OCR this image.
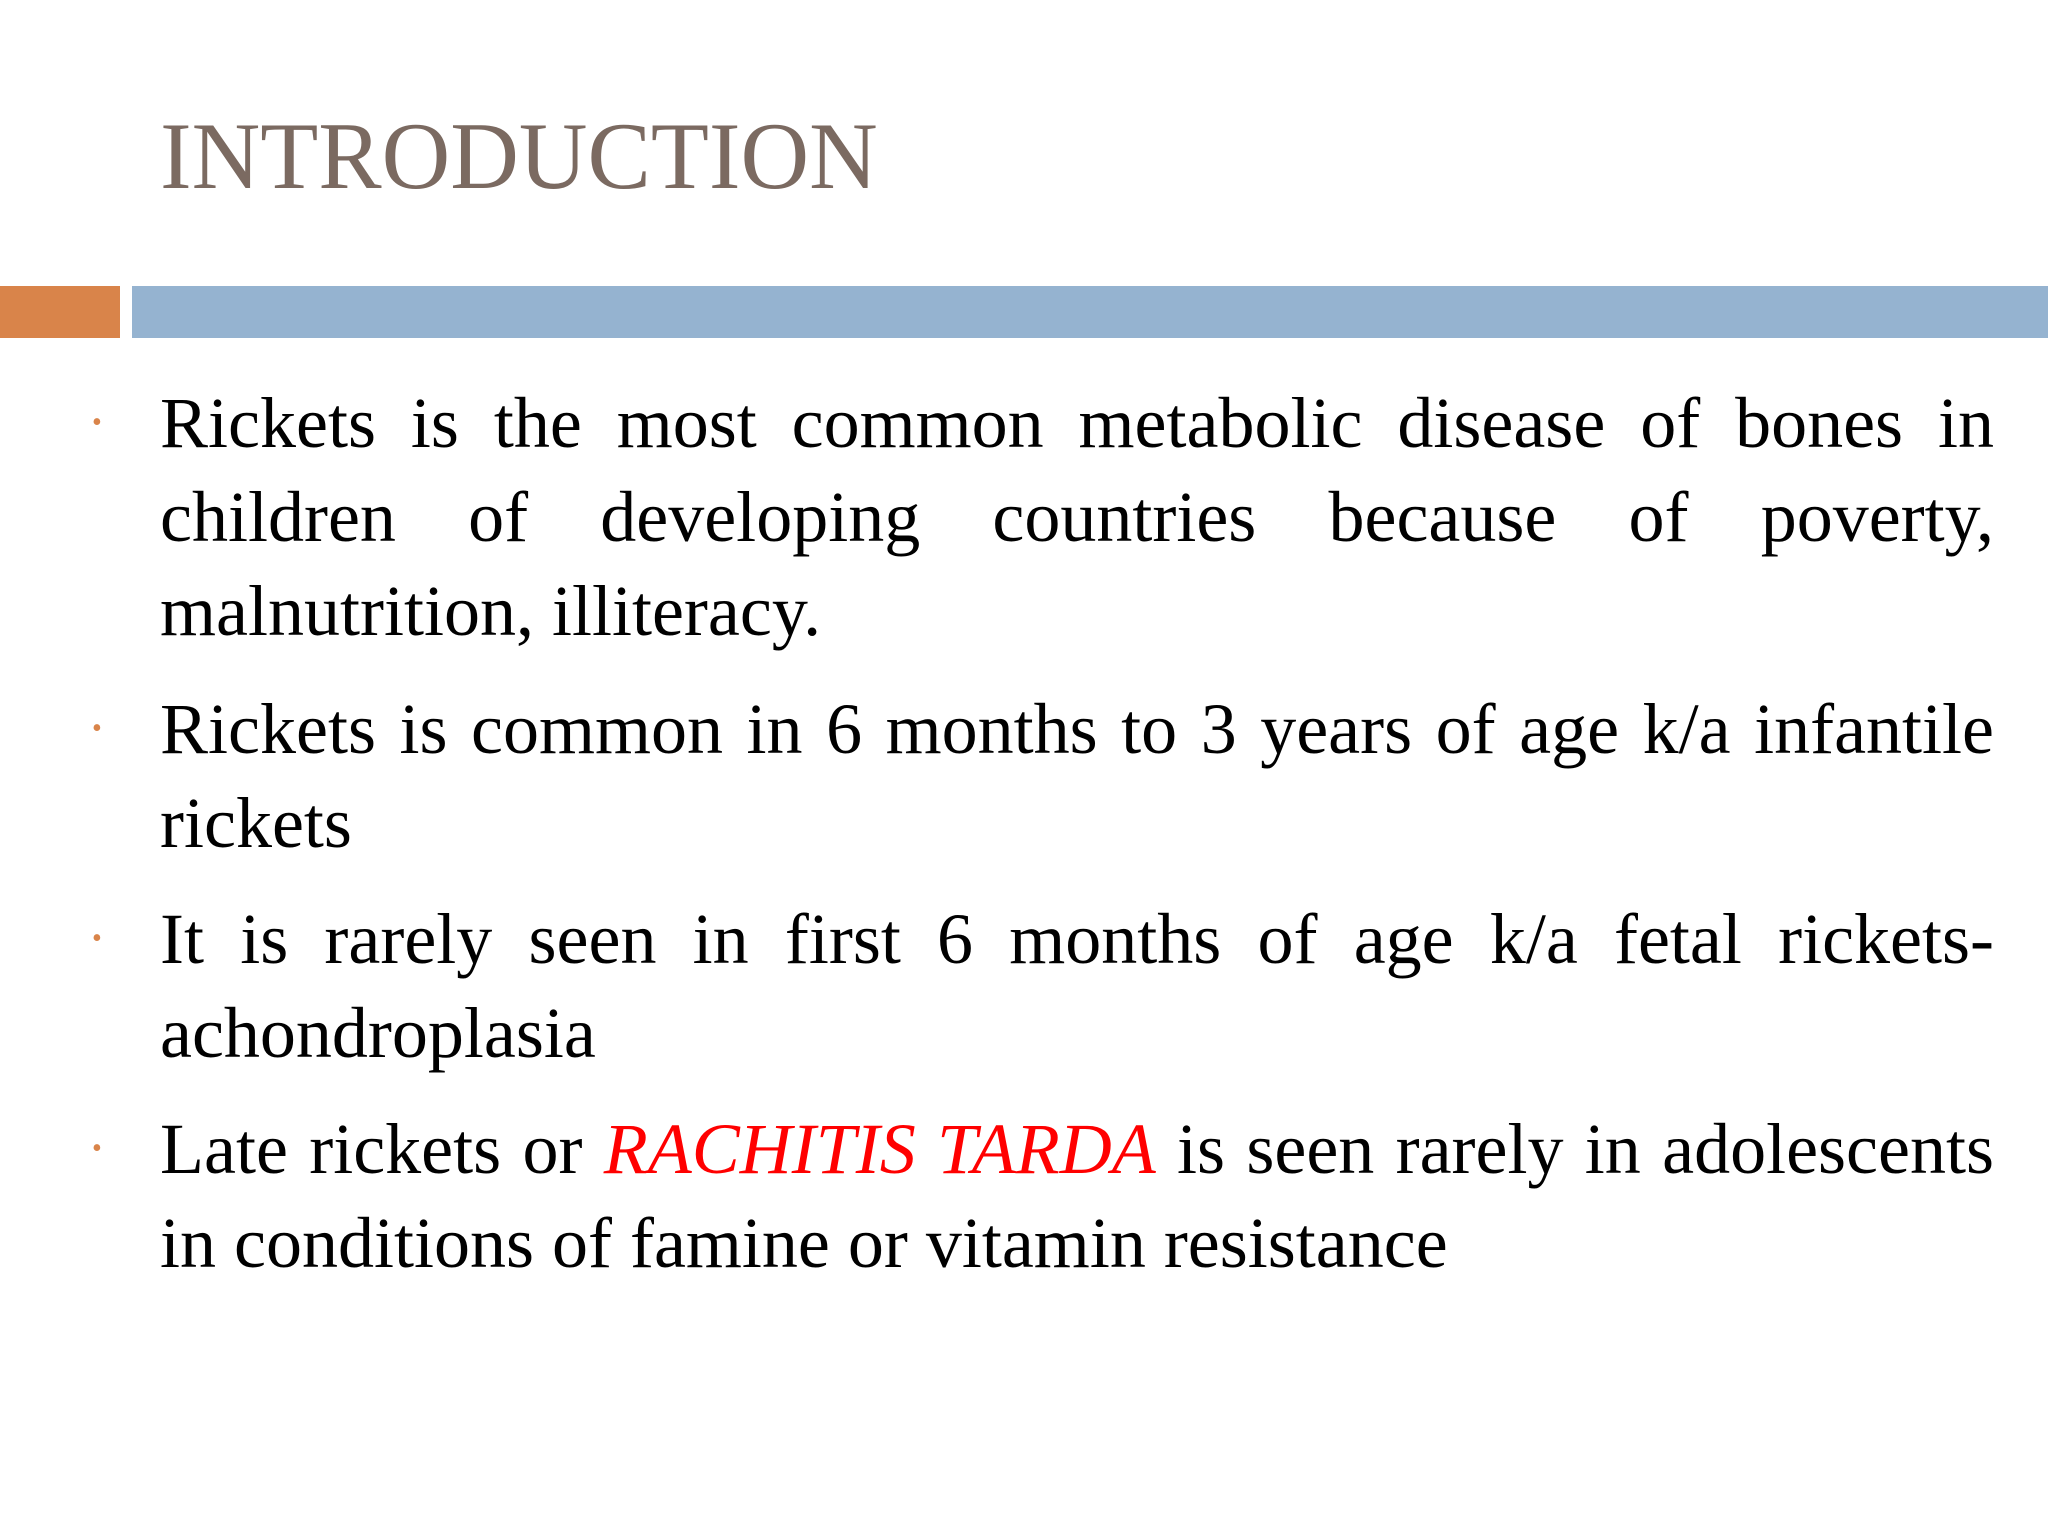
INTRODUCTION
• Rickets is the most common metabolic disease of bones in children of developing countries because of poverty, malnutrition, illiteracy.
• Rickets is common in 6 months to 3 years of age k/a infantile rickets
• It is rarely seen in first 6 months of age k/a fetal rickets-achondroplasia
• Late rickets or RACHITIS TARDA is seen rarely in adolescents in conditions of famine or vitamin resistance
